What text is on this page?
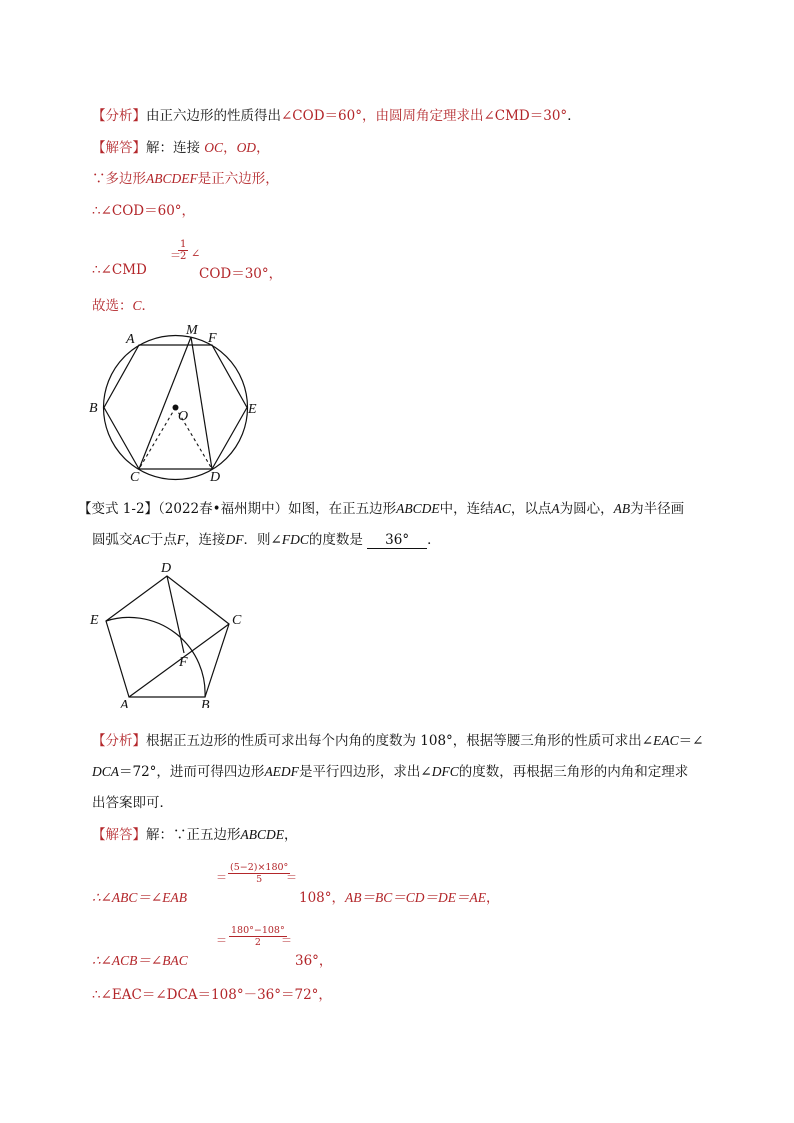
【分析】由正六边形的性质得出∠COD＝60°，由圆周角定理求出∠CMD＝30°．
【解答】解：连接 OC，OD，
∵多边形ABCDEF是正六边形，
∴∠COD＝60°，
∴∠CMD
＝
$\frac{1}{2}$ ∠
COD＝30°，
故选：C．
A
M
F
B	E
O
C	D
【变式 1-2】（2022春•福州期中）如图，在正五边形ABCDE中，连结AC，以点A为圆心，AB为半径画
圆弧交AC于点F，连接DF．则∠FDC的度数是 36° ．
D
E	C
F
A	B
【分析】根据正五边形的性质可求出每个内角的度数为 108°，根据等腰三角形的性质可求出∠EAC＝∠
DCA＝72°，进而可得四边形AEDF是平行四边形，求出∠DFC的度数，再根据三角形的内角和定理求
出答案即可．
【解答】解：∵正五边形ABCDE，
∴∠ABC＝∠EAB
＝ $\frac{(5-2)\times 180^\circ}{5}$
＝
108°，AB＝BC＝CD＝DE＝AE，
∴∠ACB＝∠BAC
＝ $\frac{180^\circ-108^\circ}{2}$
＝
36°，
∴∠EAC＝∠DCA＝108°－36°＝72°，
